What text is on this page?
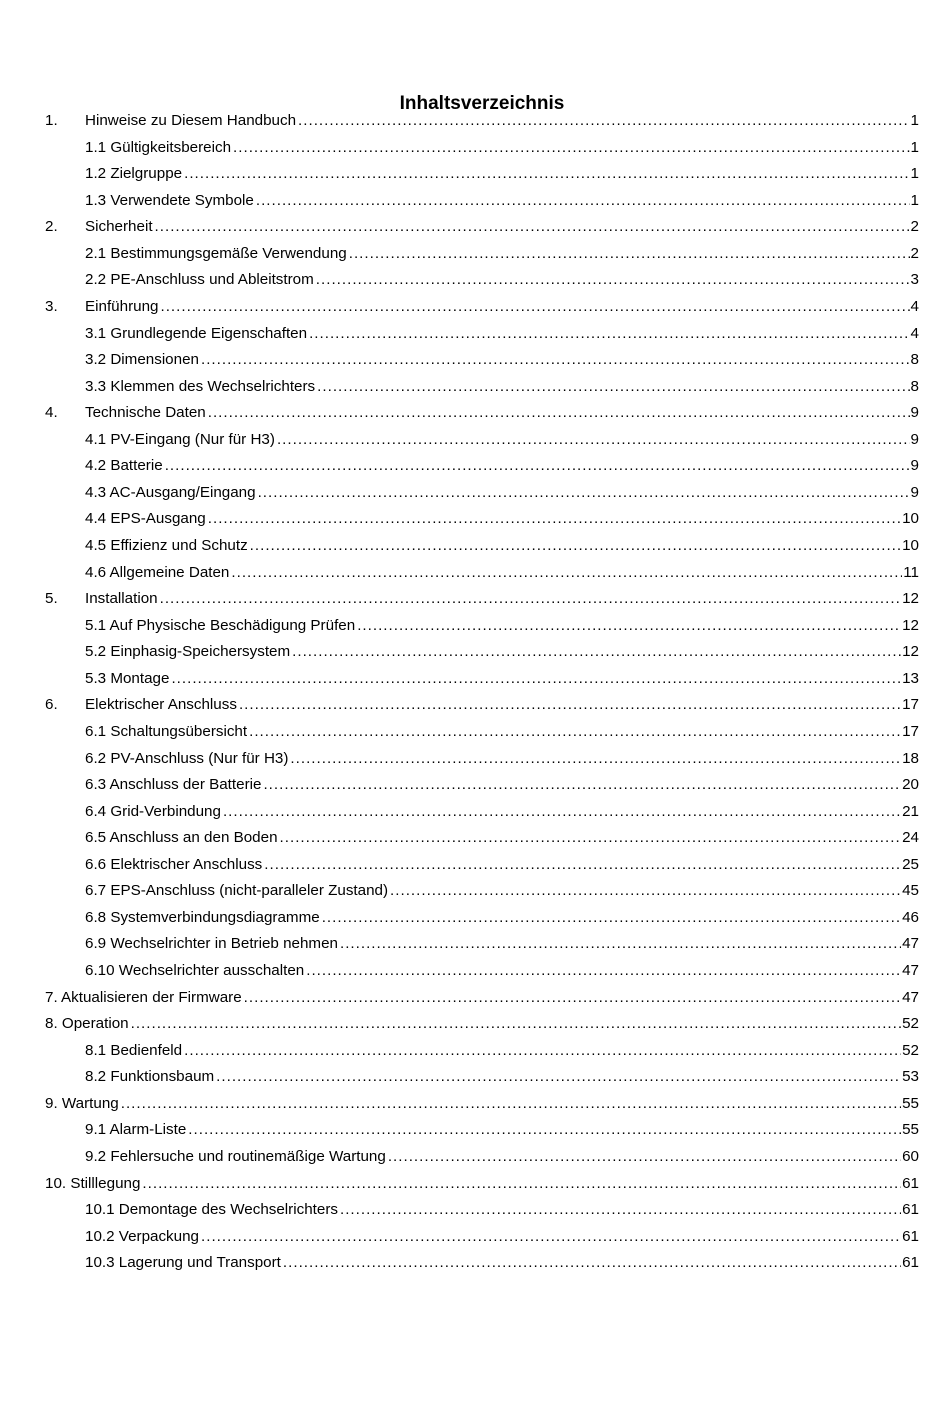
Inhaltsverzeichnis
1. Hinweise zu Diesem Handbuch .....	1
1.1 Gültigkeitsbereich .....	1
1.2 Zielgruppe .....	1
1.3 Verwendete Symbole .....	1
2. Sicherheit .....	2
2.1 Bestimmungsgemäße Verwendung .....	2
2.2 PE-Anschluss und Ableitstrom .....	3
3. Einführung .....	4
3.1 Grundlegende Eigenschaften .....	4
3.2 Dimensionen .....	8
3.3 Klemmen des Wechselrichters .....	8
4. Technische Daten .....	9
4.1 PV-Eingang (Nur für H3) .....	9
4.2 Batterie .....	9
4.3 AC-Ausgang/Eingang .....	9
4.4 EPS-Ausgang .....	10
4.5 Effizienz und Schutz .....	10
4.6 Allgemeine Daten .....	11
5. Installation .....	12
5.1 Auf Physische Beschädigung Prüfen .....	12
5.2 Einphasig-Speichersystem .....	12
5.3 Montage .....	13
6. Elektrischer Anschluss .....	17
6.1 Schaltungsübersicht .....	17
6.2 PV-Anschluss (Nur für H3) .....	18
6.3 Anschluss der Batterie .....	20
6.4 Grid-Verbindung .....	21
6.5 Anschluss an den Boden .....	24
6.6 Elektrischer Anschluss .....	25
6.7 EPS-Anschluss (nicht-paralleler Zustand) .....	45
6.8 Systemverbindungsdiagramme .....	46
6.9 Wechselrichter in Betrieb nehmen .....	47
6.10 Wechselrichter ausschalten .....	47
7. Aktualisieren der Firmware .....	47
8. Operation .....	52
8.1 Bedienfeld .....	52
8.2 Funktionsbaum .....	53
9. Wartung .....	55
9.1 Alarm-Liste .....	55
9.2 Fehlersuche und routinemäßige Wartung .....	60
10. Stilllegung .....	61
10.1 Demontage des Wechselrichters .....	61
10.2 Verpackung .....	61
10.3 Lagerung und Transport .....	61
